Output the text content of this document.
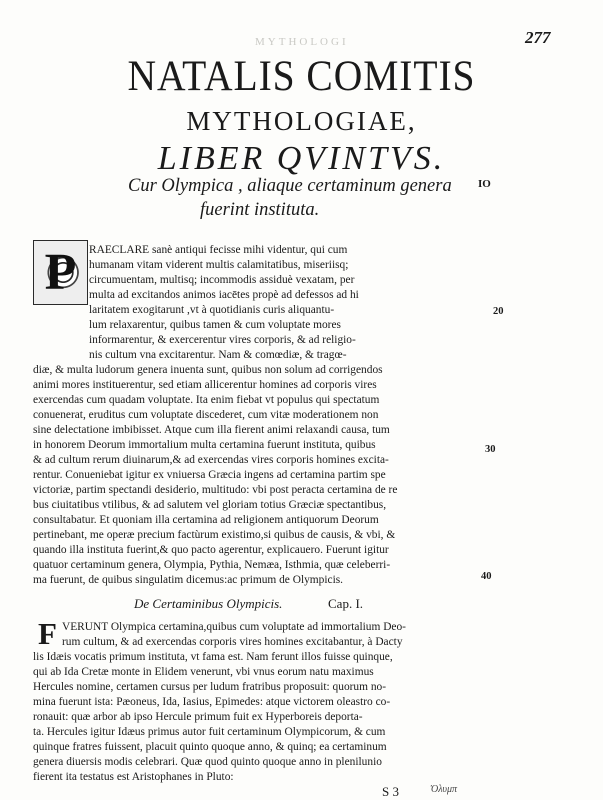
277
MYTHOLOGI
NATALIS COMITIS
MYTHOLOGIAE,
LIBER QVINTVS.
Cur Olympica , aliaque certaminum genera
fuerint instituta.
IO
P	RAECLARE sanè antiqui fecisse mihi videntur, qui cum
humanam vitam viderent multis calamitatibus, miseriisq;
circumuentam, multisq; incommodis assiduè vexatam, per
multa ad excitandos animos iacētes propè ad defessos ad hi
laritatem exogitarunt ,vt à quotidianis curis aliquantu-
lum relaxarentur, quibus tamen & cum voluptate mores
informarentur, & exercerentur vires corporis, & ad religio-
nis cultum vna excitarentur. Nam & comœdiæ, & tragœ-
diæ, & multa ludorum genera inuenta sunt, quibus non solum ad corrigendos
animi mores instituerentur, sed etiam allicerentur homines ad corporis vires
exercendas cum quadam voluptate. Ita enim fiebat vt populus qui spectatum
conuenerat, eruditus cum voluptate discederet, cum vitæ moderationem non
sine delectatione imbibisset. Atque cum illa fierent animi relaxandi causa, tum
in honorem Deorum immortalium multa certamina fuerunt instituta, quibus
& ad cultum rerum diuinarum,& ad exercendas vires corporis homines excita-
rentur. Conueniebat igitur ex vniuersa Græcia ingens ad certamina partim spe
victoriæ, partim spectandi desiderio, multitudo: vbi post peracta certamina de re
bus ciuitatibus vtilibus, & ad salutem vel gloriam totius Græciæ spectantibus,
consultabatur. Et quoniam illa certamina ad religionem antiquorum Deorum
pertinebant, me operæ precium factùrum existimo,si quibus de causis, & vbi, &
quando illa instituta fuerint,& quo pacto agerentur, explicauero. Fuerunt igitur
quatuor certaminum genera, Olympia, Pythia, Nemæa, Isthmia, quæ celeberri-
ma fuerunt, de quibus singulatim dicemus:ac primum de Olympicis.
20
30
De Certaminibus Olympicis.	Cap. I.
40
F VERUNT Olympica certamina,quibus cum voluptate ad immortalium Deo-
rum cultum, & ad exercendas corporis vires homines excitabantur, à Dacty
lis Idæis vocatis primum instituta, vt fama est. Nam ferunt illos fuisse quinque,
qui ab Ida Cretæ monte in Elidem venerunt, vbi vnus eorum natu maximus
Hercules nomine, certamen cursus per ludum fratribus proposuit: quorum no-
mina fuerunt ista: Pæoneus, Ida, Iasius, Epimedes: atque victorem oleastro co-
ronauit: quæ arbor ab ipso Hercule primum fuit ex Hyperboreis deporta-
ta. Hercules igitur Idæus primus autor fuit certaminum Olympicorum, & cum
quinque fratres fuissent, placuit quinto quoque anno, & quinq; ea certaminum
genera diuersis modis celebrari. Quæ quod quinto quoque anno in plenilunio
fierent ita testatus est Aristophanes in Pluto:
S 3	Ὀλυμπ
